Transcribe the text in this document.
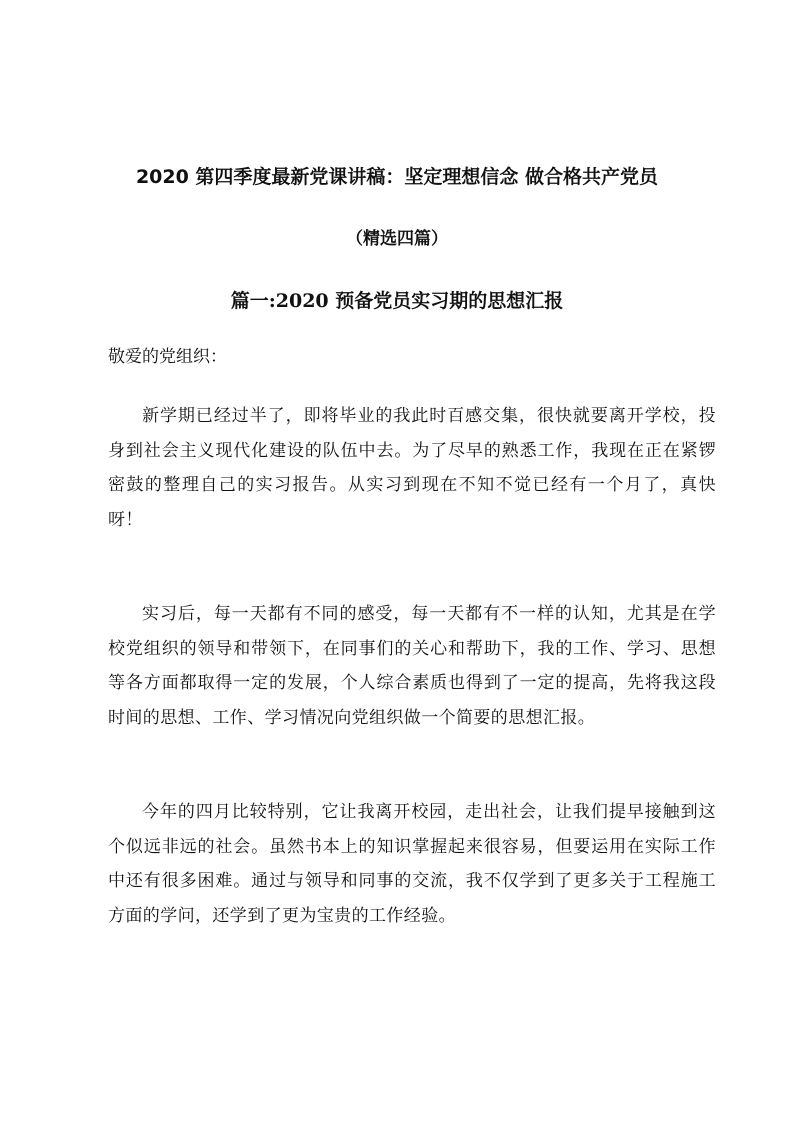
2020 第四季度最新党课讲稿：坚定理想信念 做合格共产党员
（精选四篇）
篇一:2020 预备党员实习期的思想汇报

敬爱的党组织：

新学期已经过半了，即将毕业的我此时百感交集，很快就要离开学校，投身到社会主义现代化建设的队伍中去。为了尽早的熟悉工作，我现在正在紧锣密鼓的整理自己的实习报告。从实习到现在不知不觉已经有一个月了，真快呀！

实习后，每一天都有不同的感受，每一天都有不一样的认知，尤其是在学校党组织的领导和带领下，在同事们的关心和帮助下，我的工作、学习、思想等各方面都取得一定的发展，个人综合素质也得到了一定的提高，先将我这段时间的思想、工作、学习情况向党组织做一个简要的思想汇报。

今年的四月比较特别，它让我离开校园，走出社会，让我们提早接触到这个似远非远的社会。虽然书本上的知识掌握起来很容易，但要运用在实际工作中还有很多困难。通过与领导和同事的交流，我不仅学到了更多关于工程施工方面的学问，还学到了更为宝贵的工作经验。
